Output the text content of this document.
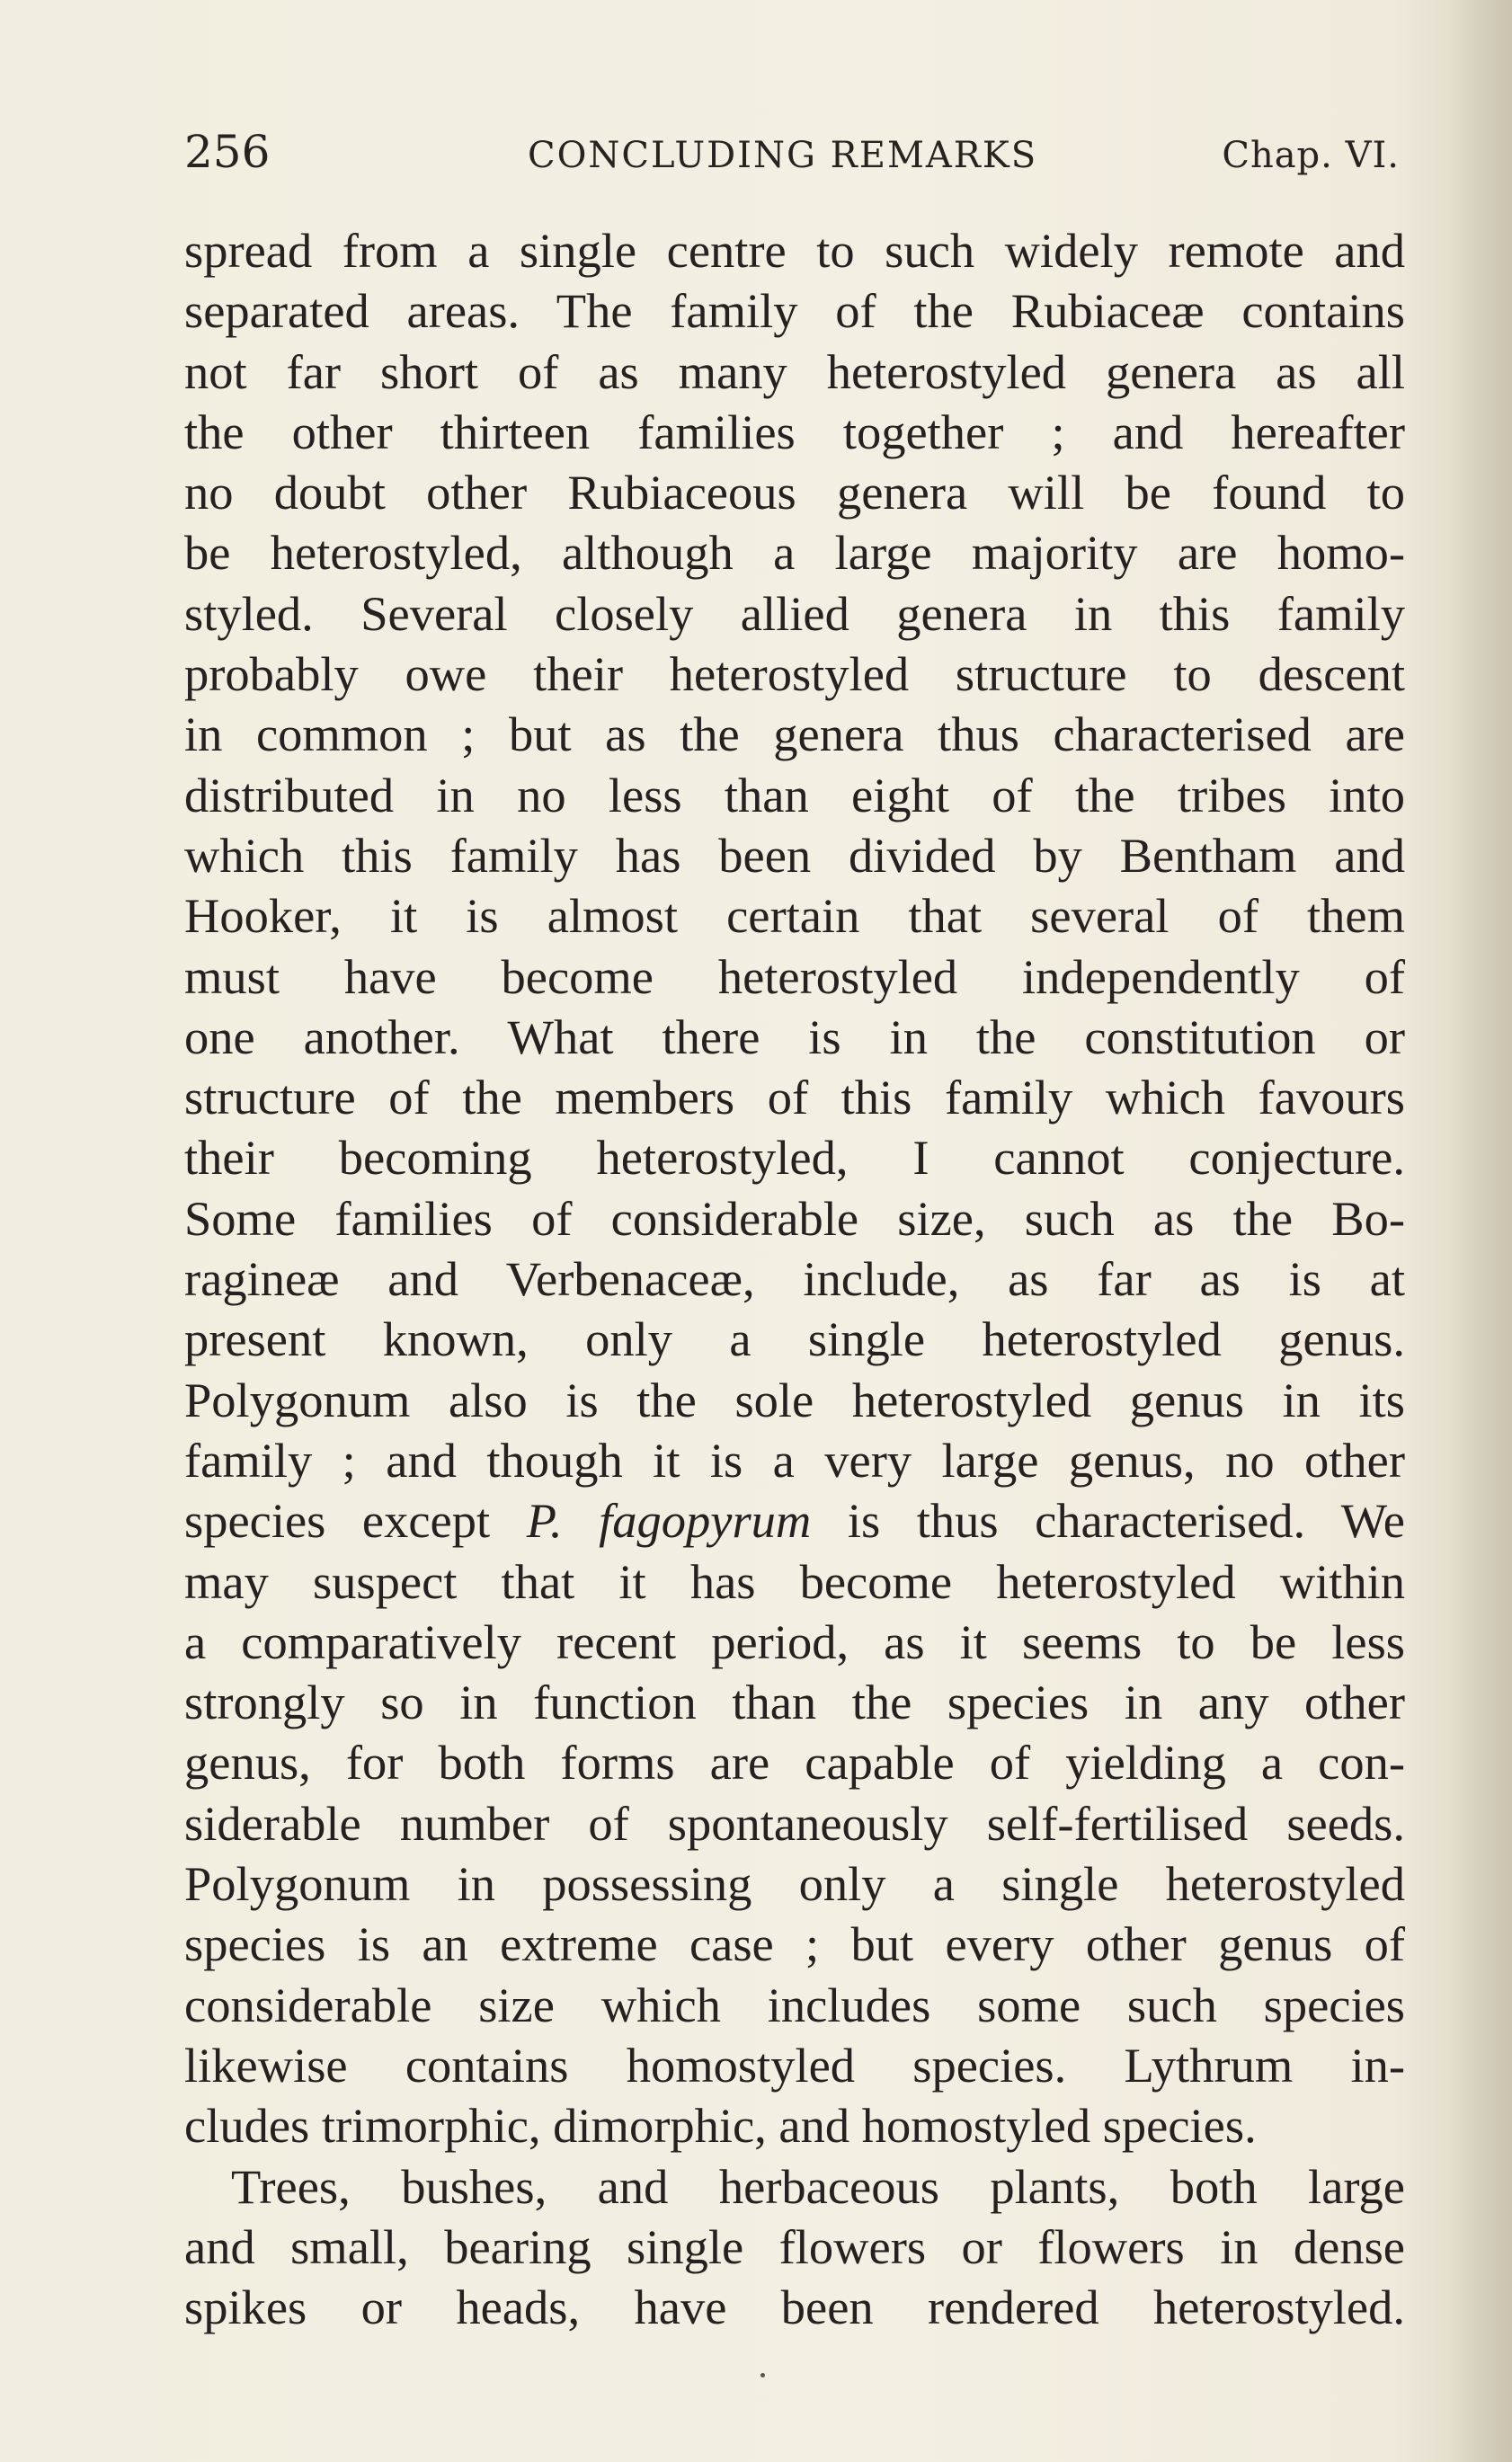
256	CONCLUDING REMARKS	Chap. VI.
spread from a single centre to such widely remote and
separated areas. The family of the Rubiaceæ contains
not far short of as many heterostyled genera as all
the other thirteen families together ; and hereafter
no doubt other Rubiaceous genera will be found to
be heterostyled, although a large majority are homo-
styled. Several closely allied genera in this family
probably owe their heterostyled structure to descent
in common ; but as the genera thus characterised are
distributed in no less than eight of the tribes into
which this family has been divided by Bentham and
Hooker, it is almost certain that several of them
must have become heterostyled independently of
one another. What there is in the constitution or
structure of the members of this family which favours
their becoming heterostyled, I cannot conjecture.
Some families of considerable size, such as the Bo-
ragineæ and Verbenaceæ, include, as far as is at
present known, only a single heterostyled genus.
Polygonum also is the sole heterostyled genus in its
family ; and though it is a very large genus, no other
species except P. fagopyrum is thus characterised. We
may suspect that it has become heterostyled within
a comparatively recent period, as it seems to be less
strongly so in function than the species in any other
genus, for both forms are capable of yielding a con-
siderable number of spontaneously self-fertilised seeds.
Polygonum in possessing only a single heterostyled
species is an extreme case ; but every other genus of
considerable size which includes some such species
likewise contains homostyled species. Lythrum in-
cludes trimorphic, dimorphic, and homostyled species.
Trees, bushes, and herbaceous plants, both large
and small, bearing single flowers or flowers in dense
spikes or heads, have been rendered heterostyled.
